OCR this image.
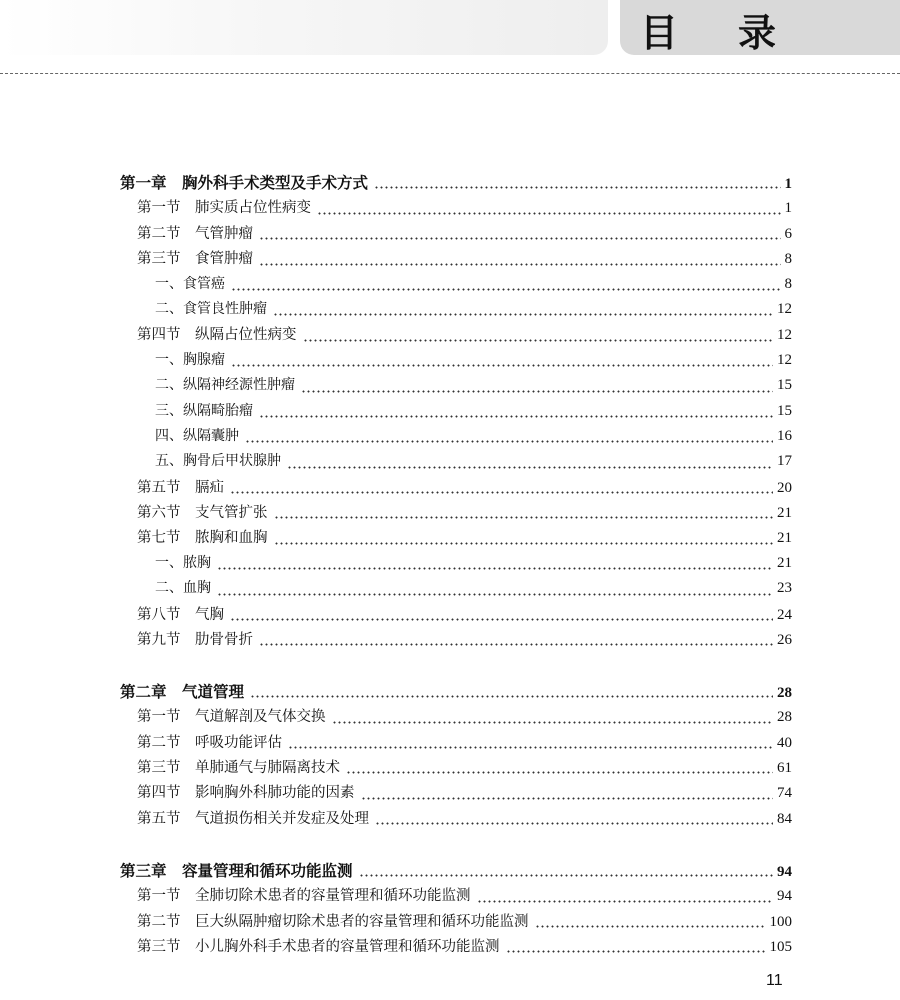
目 录
第一章　胸外科手术类型及手术方式	1
第一节　肺实质占位性病变	1
第二节　气管肿瘤	6
第三节　食管肿瘤	8
一、食管癌	8
二、食管良性肿瘤	12
第四节　纵隔占位性病变	12
一、胸腺瘤	12
二、纵隔神经源性肿瘤	15
三、纵隔畸胎瘤	15
四、纵隔囊肿	16
五、胸骨后甲状腺肿	17
第五节　膈疝	20
第六节　支气管扩张	21
第七节　脓胸和血胸	21
一、脓胸	21
二、血胸	23
第八节　气胸	24
第九节　肋骨骨折	26
第二章　气道管理	28
第一节　气道解剖及气体交换	28
第二节　呼吸功能评估	40
第三节　单肺通气与肺隔离技术	61
第四节　影响胸外科肺功能的因素	74
第五节　气道损伤相关并发症及处理	84
第三章　容量管理和循环功能监测	94
第一节　全肺切除术患者的容量管理和循环功能监测	94
第二节　巨大纵隔肿瘤切除术患者的容量管理和循环功能监测	100
第三节　小儿胸外科手术患者的容量管理和循环功能监测	105
11
